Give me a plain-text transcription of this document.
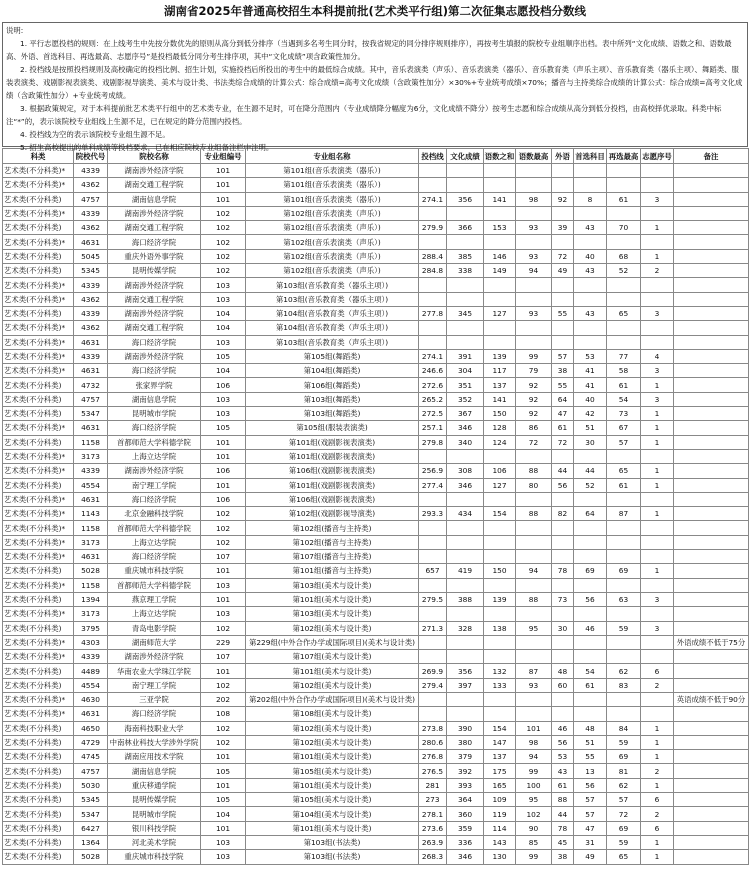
湖南省2025年普通高校招生本科提前批(艺术类平行组)第二次征集志愿投档分数线

说明:

1. 平行志愿投档的规则：在上线考生中先按分数优先的原则从高分到低分排序（当遇到多名考生同分时，按我省规定的同分排序规则排序），再按考生填报的院校专业组顺序出档。表中所列“文化成绩、语数之和、语数最高、外语、首选科目、再选最高、志愿序号”是投档最低分同分考生排序项，其中“文化成绩”项含政策性加分。

2. 投档线是按照投档规则及高校确定的投档比例、招生计划，实施投档后所投出的考生中的最低综合成绩。其中，音乐表演类（声乐）、音乐表演类（器乐）、音乐教育类（声乐主项）、音乐教育类（器乐主项）、舞蹈类、服装表演类、戏剧影视表演类、戏剧影视导演类、美术与设计类、书法类综合成绩的计算公式：综合成绩=高考文化成绩（含政策性加分）×30%+专业统考成绩×70%；播音与主持类综合成绩的计算公式：综合成绩=高考文化成绩（含政策性加分）+专业统考成绩。

3. 根据政策规定，对于本科提前批艺术类平行组中的艺术类专业，在生源不足时，可在降分范围内（专业成绩降分幅度为6分，文化成绩不降分）按考生志愿和综合成绩从高分到低分投档，由高校择优录取。科类中标注“*”的，表示该院校专业组线上生源不足，已在规定的降分范围内投档。

4. 投档线为空的表示该院校专业组生源不足。

5. 招生高校提出的单科成绩等投档要求，已在相应院校专业组备注栏中注明。

科类	院校代号	院校名称	专业组编号	专业组名称	投档线	文化成绩	语数之和	语数最高	外语	首选科目	再选最高	志愿序号	备注
艺术类(不分科类)*	4339	湖南涉外经济学院	101	第101组(音乐表演类（器乐）)									
艺术类(不分科类)*	4362	湖南交通工程学院	101	第101组(音乐表演类（器乐）)									
艺术类(不分科类)	4757	湖南信息学院	101	第101组(音乐表演类（器乐）)	274.1	356	141	98	92	8	61	3	
艺术类(不分科类)*	4339	湖南涉外经济学院	102	第102组(音乐表演类（声乐）)									
艺术类(不分科类)	4362	湖南交通工程学院	102	第102组(音乐表演类（声乐）)	279.9	366	153	93	39	43	70	1	
艺术类(不分科类)*	4631	海口经济学院	102	第102组(音乐表演类（声乐）)									
艺术类(不分科类)	5045	重庆外语外事学院	102	第102组(音乐表演类（声乐）)	288.4	385	146	93	72	40	68	1	
艺术类(不分科类)	5345	昆明传媒学院	102	第102组(音乐表演类（声乐）)	284.8	338	149	94	49	43	52	2	
艺术类(不分科类)*	4339	湖南涉外经济学院	103	第103组(音乐教育类（器乐主项）)									
艺术类(不分科类)*	4362	湖南交通工程学院	103	第103组(音乐教育类（器乐主项）)									
艺术类(不分科类)	4339	湖南涉外经济学院	104	第104组(音乐教育类（声乐主项）)	277.8	345	127	93	55	43	65	3	
艺术类(不分科类)*	4362	湖南交通工程学院	104	第104组(音乐教育类（声乐主项）)									
艺术类(不分科类)*	4631	海口经济学院	103	第103组(音乐教育类（声乐主项）)									
艺术类(不分科类)*	4339	湖南涉外经济学院	105	第105组(舞蹈类)	274.1	391	139	99	57	53	77	4	
艺术类(不分科类)*	4631	海口经济学院	104	第104组(舞蹈类)	246.6	304	117	79	38	41	58	3	
艺术类(不分科类)	4732	张家界学院	106	第106组(舞蹈类)	272.6	351	137	92	55	41	61	1	
艺术类(不分科类)	4757	湖南信息学院	103	第103组(舞蹈类)	265.2	352	141	92	64	40	54	3	
艺术类(不分科类)	5347	昆明城市学院	103	第103组(舞蹈类)	272.5	367	150	92	47	42	73	1	
艺术类(不分科类)*	4631	海口经济学院	105	第105组(服装表演类)	257.1	346	128	86	61	51	67	1	
艺术类(不分科类)	1158	首都师范大学科德学院	101	第101组(戏剧影视表演类)	279.8	340	124	72	72	30	57	1	
艺术类(不分科类)*	3173	上海立达学院	101	第101组(戏剧影视表演类)									
艺术类(不分科类)*	4339	湖南涉外经济学院	106	第106组(戏剧影视表演类)	256.9	308	106	88	44	44	65	1	
艺术类(不分科类)	4554	南宁理工学院	101	第101组(戏剧影视表演类)	277.4	346	127	80	56	52	61	1	
艺术类(不分科类)*	4631	海口经济学院	106	第106组(戏剧影视表演类)									
艺术类(不分科类)*	1143	北京金融科技学院	102	第102组(戏剧影视导演类)	293.3	434	154	88	82	64	87	1	
艺术类(不分科类)*	1158	首都师范大学科德学院	102	第102组(播音与主持类)									
艺术类(不分科类)*	3173	上海立达学院	102	第102组(播音与主持类)									
艺术类(不分科类)*	4631	海口经济学院	107	第107组(播音与主持类)									
艺术类(不分科类)	5028	重庆城市科技学院	101	第101组(播音与主持类)	657	419	150	94	78	69	69	1	
艺术类(不分科类)*	1158	首都师范大学科德学院	103	第103组(美术与设计类)									
艺术类(不分科类)	1394	燕京理工学院	101	第101组(美术与设计类)	279.5	388	139	88	73	56	63	3	
艺术类(不分科类)*	3173	上海立达学院	103	第103组(美术与设计类)									
艺术类(不分科类)	3795	青岛电影学院	102	第102组(美术与设计类)	271.3	328	138	95	30	46	59	3	
艺术类(不分科类)*	4303	湖南师范大学	229	第229组(中外合作办学或国际项目)(美术与设计类)									外语成绩不低于75分
艺术类(不分科类)*	4339	湖南涉外经济学院	107	第107组(美术与设计类)									
艺术类(不分科类)	4489	华南农业大学珠江学院	101	第101组(美术与设计类)	269.9	356	132	87	48	54	62	6	
艺术类(不分科类)	4554	南宁理工学院	102	第102组(美术与设计类)	279.4	397	133	93	60	61	83	2	
艺术类(不分科类)*	4630	三亚学院	202	第202组(中外合作办学或国际项目)(美术与设计类)									英语成绩不低于90分
艺术类(不分科类)*	4631	海口经济学院	108	第108组(美术与设计类)									
艺术类(不分科类)	4650	海南科技职业大学	102	第102组(美术与设计类)	273.8	390	154	101	46	48	84	1	
艺术类(不分科类)	4729	中南林业科技大学涉外学院	102	第102组(美术与设计类)	280.6	380	147	98	56	51	59	1	
艺术类(不分科类)	4745	湖南应用技术学院	101	第101组(美术与设计类)	276.8	379	137	94	53	55	69	1	
艺术类(不分科类)	4757	湖南信息学院	105	第105组(美术与设计类)	276.5	392	175	99	43	13	81	2	
艺术类(不分科类)	5030	重庆移通学院	101	第101组(美术与设计类)	281	393	165	100	61	56	62	1	
艺术类(不分科类)	5345	昆明传媒学院	105	第105组(美术与设计类)	273	364	109	95	88	57	57	6	
艺术类(不分科类)	5347	昆明城市学院	104	第104组(美术与设计类)	278.1	360	119	102	44	57	72	2	
艺术类(不分科类)	6427	银川科技学院	101	第101组(美术与设计类)	273.6	359	114	90	78	47	69	6	
艺术类(不分科类)	1364	河北美术学院	103	第103组(书法类)	263.9	336	143	85	45	31	59	1	
艺术类(不分科类)	5028	重庆城市科技学院	103	第103组(书法类)	268.3	346	130	99	38	49	65	1	
